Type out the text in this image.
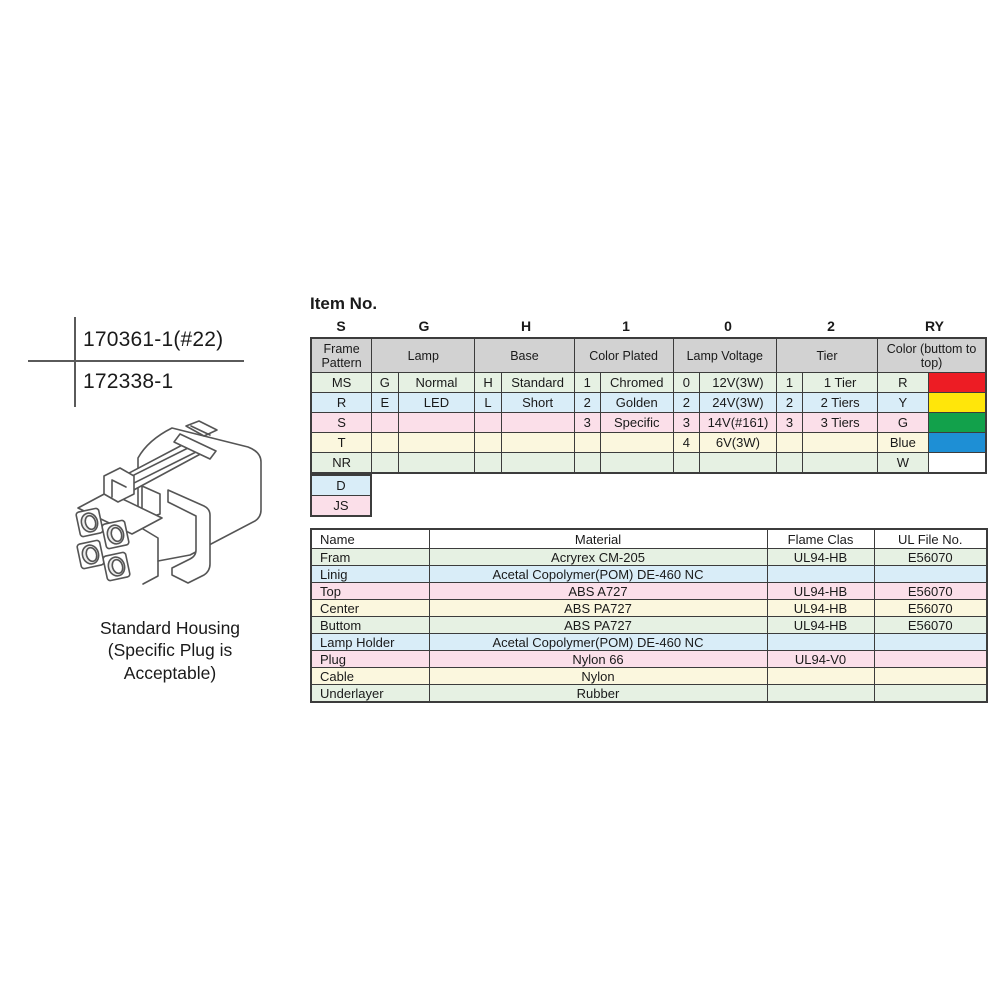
170361-1(#22)
172338-1
Standard Housing
(Specific Plug is
Acceptable)
Item No.
S	G	H	1	0	2	RY
Frame Pattern	Lamp		Base		Color Plated		Lamp Voltage		Tier		Color (buttom to top)	
MS	G	Normal	H	Standard	1	Chromed	0	12V(3W)	1	1 Tier	R	
R	E	LED	L	Short	2	Golden	2	24V(3W)	2	2 Tiers	Y	
S					3	Specific	3	14V(#161)	3	3 Tiers	G	
T							4	6V(3W)			Blue	
NR											W	
D
JS
Name	Material	Flame Clas	UL File No.
Fram	Acryrex CM-205	UL94-HB	E56070
Linig	Acetal Copolymer(POM) DE-460 NC		
Top	ABS A727	UL94-HB	E56070
Center	ABS PA727	UL94-HB	E56070
Buttom	ABS PA727	UL94-HB	E56070
Lamp Holder	Acetal Copolymer(POM) DE-460 NC		
Plug	Nylon 66	UL94-V0	
Cable	Nylon		
Underlayer	Rubber		
